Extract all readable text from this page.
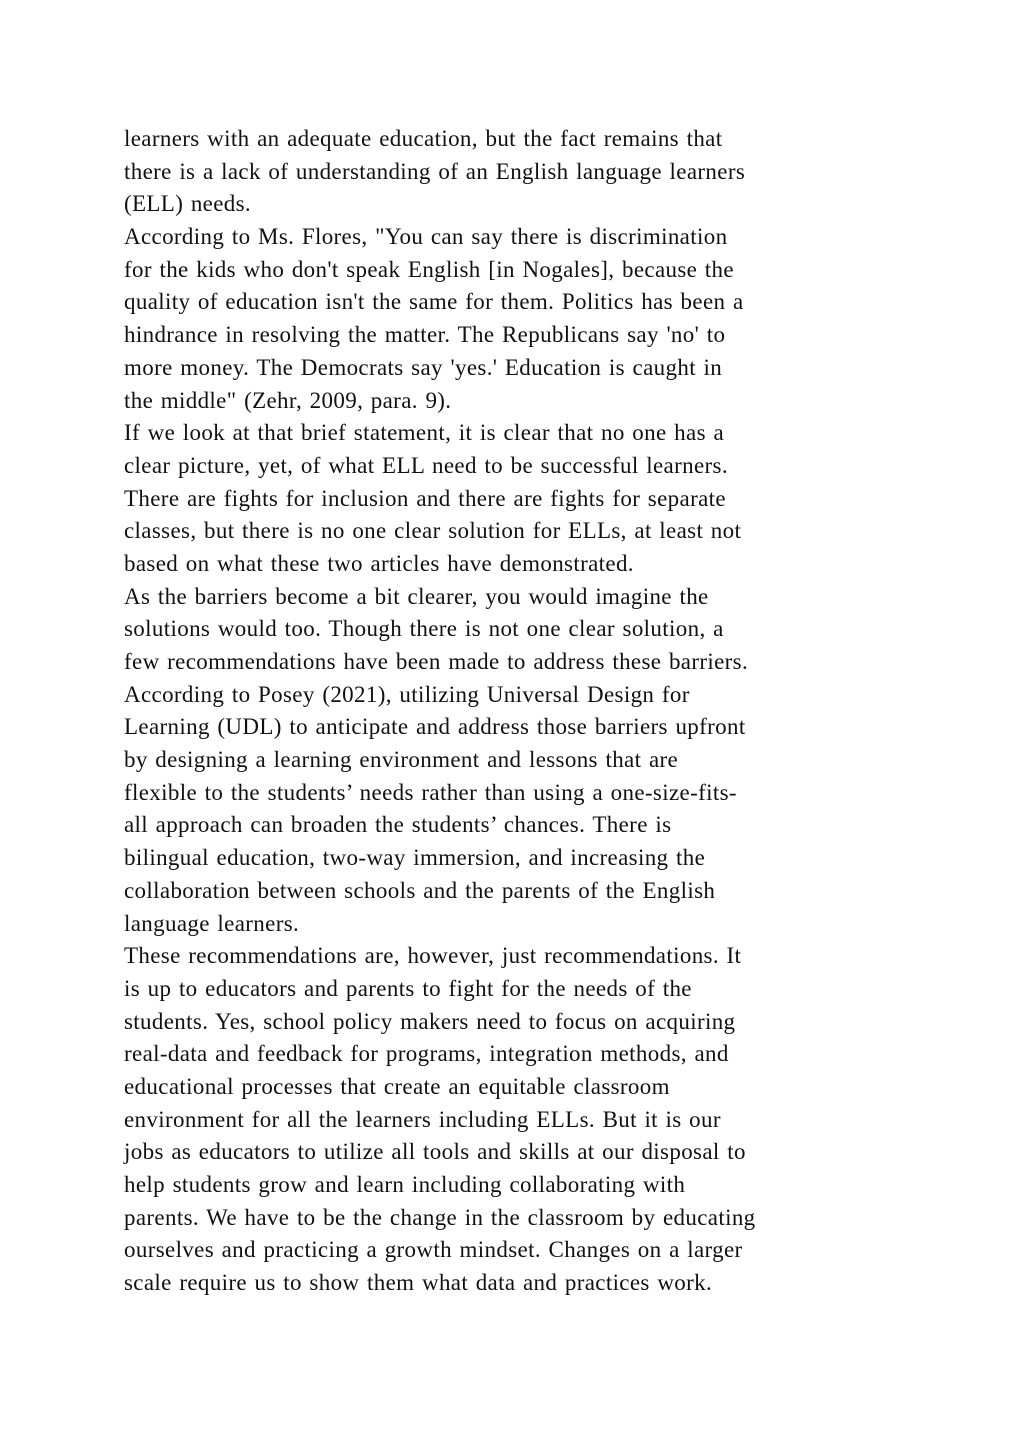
learners with an adequate education, but the fact remains that
there is a lack of understanding of an English language learners
(ELL) needs.
According to Ms. Flores, "You can say there is discrimination
for the kids who don't speak English [in Nogales], because the
quality of education isn't the same for them. Politics has been a
hindrance in resolving the matter. The Republicans say 'no' to
more money. The Democrats say 'yes.' Education is caught in
the middle" (Zehr, 2009, para. 9).
If we look at that brief statement, it is clear that no one has a
clear picture, yet, of what ELL need to be successful learners.
There are fights for inclusion and there are fights for separate
classes, but there is no one clear solution for ELLs, at least not
based on what these two articles have demonstrated.
As the barriers become a bit clearer, you would imagine the
solutions would too. Though there is not one clear solution, a
few recommendations have been made to address these barriers.
According to Posey (2021), utilizing Universal Design for
Learning (UDL) to anticipate and address those barriers upfront
by designing a learning environment and lessons that are
flexible to the students’ needs rather than using a one-size-fits-
all approach can broaden the students’ chances. There is
bilingual education, two-way immersion, and increasing the
collaboration between schools and the parents of the English
language learners.
These recommendations are, however, just recommendations. It
is up to educators and parents to fight for the needs of the
students. Yes, school policy makers need to focus on acquiring
real-data and feedback for programs, integration methods, and
educational processes that create an equitable classroom
environment for all the learners including ELLs. But it is our
jobs as educators to utilize all tools and skills at our disposal to
help students grow and learn including collaborating with
parents. We have to be the change in the classroom by educating
ourselves and practicing a growth mindset. Changes on a larger
scale require us to show them what data and practices work.
